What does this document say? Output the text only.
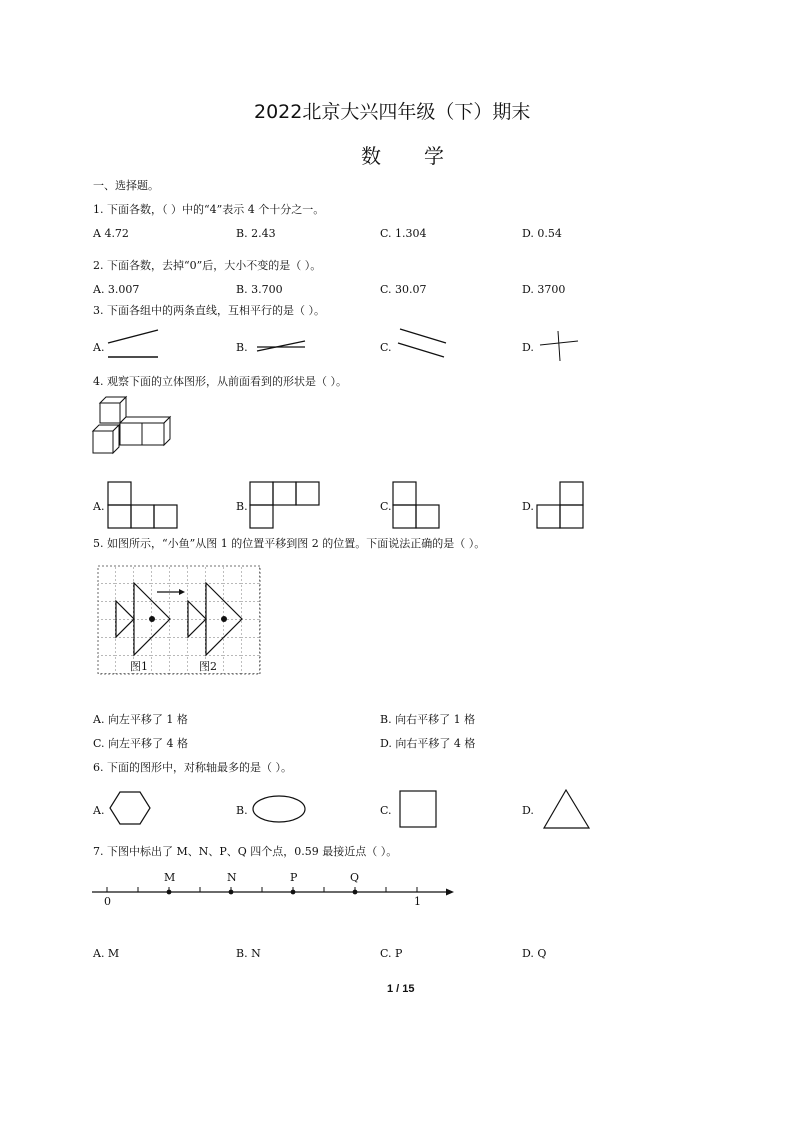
2022北京大兴四年级（下）期末
数 学
一、选择题。
1. 下面各数，（ ）中的“4”表示 4 个十分之一。
A 4.72	B. 2.43	C. 1.304	D. 0.54
2. 下面各数，去掉“0”后，大小不变的是（ ）。
A. 3.007	B. 3.700	C. 30.07	D. 3700
3. 下面各组中的两条直线，互相平行的是（ ）。
A.	B.	C.	D.
4. 观察下面的立体图形，从前面看到的形状是（ ）。
A.	B.	C.	D.
5. 如图所示，“小鱼”从图 1 的位置平移到图 2 的位置。下面说法正确的是（ ）。
图1	图2
A. 向左平移了 1 格	B. 向右平移了 1 格
C. 向左平移了 4 格	D. 向右平移了 4 格
6. 下面的图形中，对称轴最多的是（ ）。
A.	B.	C.	D.
7. 下图中标出了 M、N、P、Q 四个点，0.59 最接近点（ ）。
0	1
M	N	P	Q
A. M	B. N	C. P	D. Q
1 / 15
